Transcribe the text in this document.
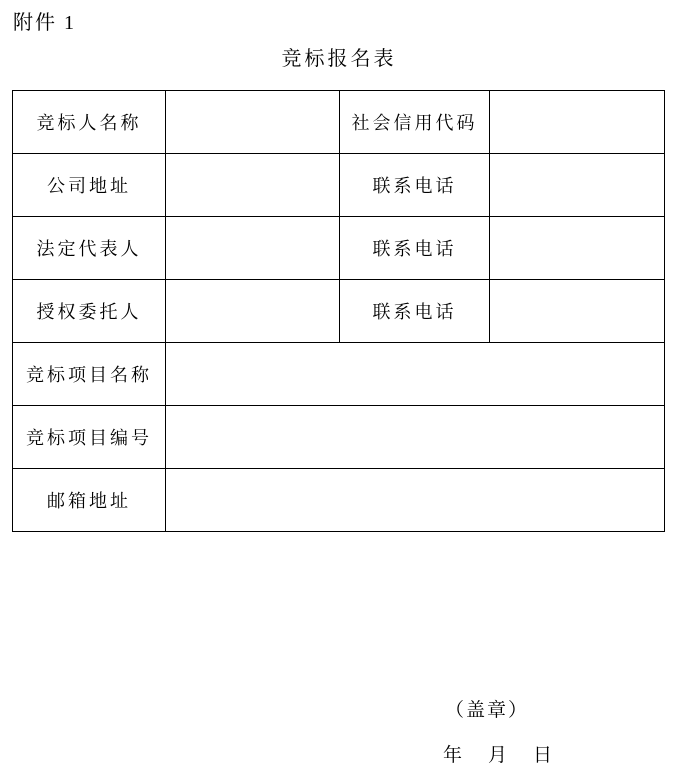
附件 1
竞标报名表
竞标人名称		社会信用代码	
公司地址		联系电话	
法定代表人		联系电话	
授权委托人		联系电话	
竞标项目名称			
竞标项目编号			
邮箱地址			
（盖章）
年 月 日
